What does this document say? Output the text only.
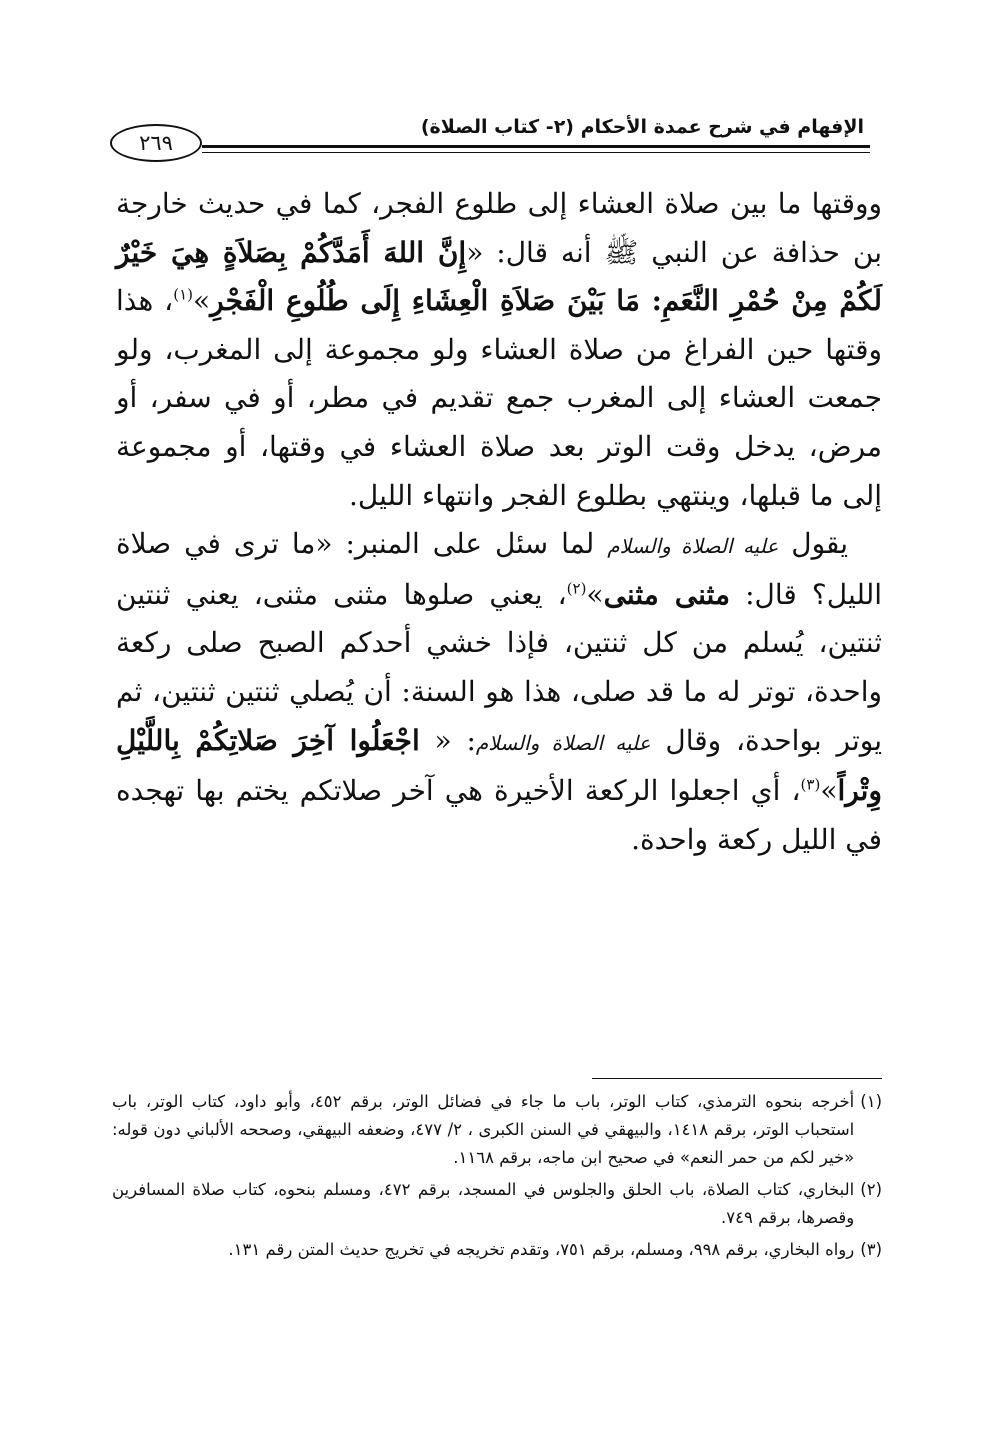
الإفهام في شرح عمدة الأحكام (٢- كتاب الصلاة)
٢٦٩

ووقتها ما بين صلاة العشاء إلى طلوع الفجر، كما في حديث خارجة بن حذافة عن النبي ﷺ أنه قال: «إِنَّ اللهَ أَمَدَّكُمْ بِصَلاَةٍ هِيَ خَيْرٌ لَكُمْ مِنْ حُمْرِ النَّعَمِ: مَا بَيْنَ صَلاَةِ الْعِشَاءِ إِلَى طُلُوعِ الْفَجْرِ»$^{(١)}$، هذا وقتها حين الفراغ من صلاة العشاء ولو مجموعة إلى المغرب، ولو جمعت العشاء إلى المغرب جمع تقديم في مطر، أو في سفر، أو مرض، يدخل وقت الوتر بعد صلاة العشاء في وقتها، أو مجموعة إلى ما قبلها، وينتهي بطلوع الفجر وانتهاء الليل.

يقول عليه الصلاة والسلام لما سئل على المنبر: «ما ترى في صلاة الليل؟ قال: مثنى مثنى»$^{(٢)}$، يعني صلوها مثنى مثنى، يعني ثنتين ثنتين، يُسلم من كل ثنتين، فإذا خشي أحدكم الصبح صلى ركعة واحدة، توتر له ما قد صلى، هذا هو السنة: أن يُصلي ثنتين ثنتين، ثم يوتر بواحدة، وقال عليه الصلاة والسلام: « اجْعَلُوا آخِرَ صَلاتِكُمْ بِاللَّيْلِ وِتْراً»$^{(٣)}$، أي اجعلوا الركعة الأخيرة هي آخر صلاتكم يختم بها تهجده في الليل ركعة واحدة.

(١)
أخرجه بنحوه الترمذي، كتاب الوتر، باب ما جاء في فضائل الوتر، برقم ٤٥٢، وأبو داود، كتاب الوتر، باب استحباب الوتر، برقم ١٤١٨، والبيهقي في السنن الكبرى ، ٢/ ٤٧٧، وضعفه البيهقي، وصححه الألباني دون قوله: «خير لكم من حمر النعم» في صحيح ابن ماجه، برقم ١١٦٨.
(٢)
البخاري، كتاب الصلاة، باب الحلق والجلوس في المسجد، برقم ٤٧٢، ومسلم بنحوه، كتاب صلاة المسافرين وقصرها، برقم ٧٤٩.
(٣)
رواه البخاري، برقم ٩٩٨، ومسلم، برقم ٧٥١، وتقدم تخريجه في تخريج حديث المتن رقم ١٣١.
